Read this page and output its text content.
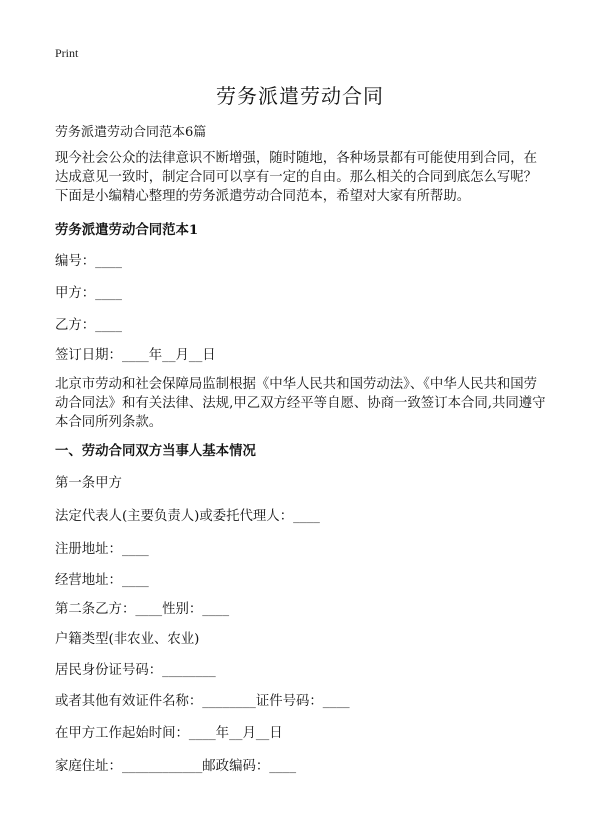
Print
劳务派遣劳动合同

劳务派遣劳动合同范本6篇

现今社会公众的法律意识不断增强，随时随地，各种场景都有可能使用到合同，在达成意见一致时，制定合同可以享有一定的自由。那么相关的合同到底怎么写呢？下面是小编精心整理的劳务派遣劳动合同范本，希望对大家有所帮助。

劳务派遣劳动合同范本1

编号：____

甲方：____

乙方：____

签订日期：____年__月__日

北京市劳动和社会保障局监制根据《中华人民共和国劳动法》、《中华人民共和国劳动合同法》和有关法律、法规,甲乙双方经平等自愿、协商一致签订本合同,共同遵守本合同所列条款。

一、劳动合同双方当事人基本情况

第一条甲方

法定代表人(主要负责人)或委托代理人：____

注册地址：____

经营地址：____

第二条乙方：____性别：____

户籍类型(非农业、农业)

居民身份证号码：________

或者其他有效证件名称：________证件号码：____

在甲方工作起始时间：____年__月__日

家庭住址：____________邮政编码：____
